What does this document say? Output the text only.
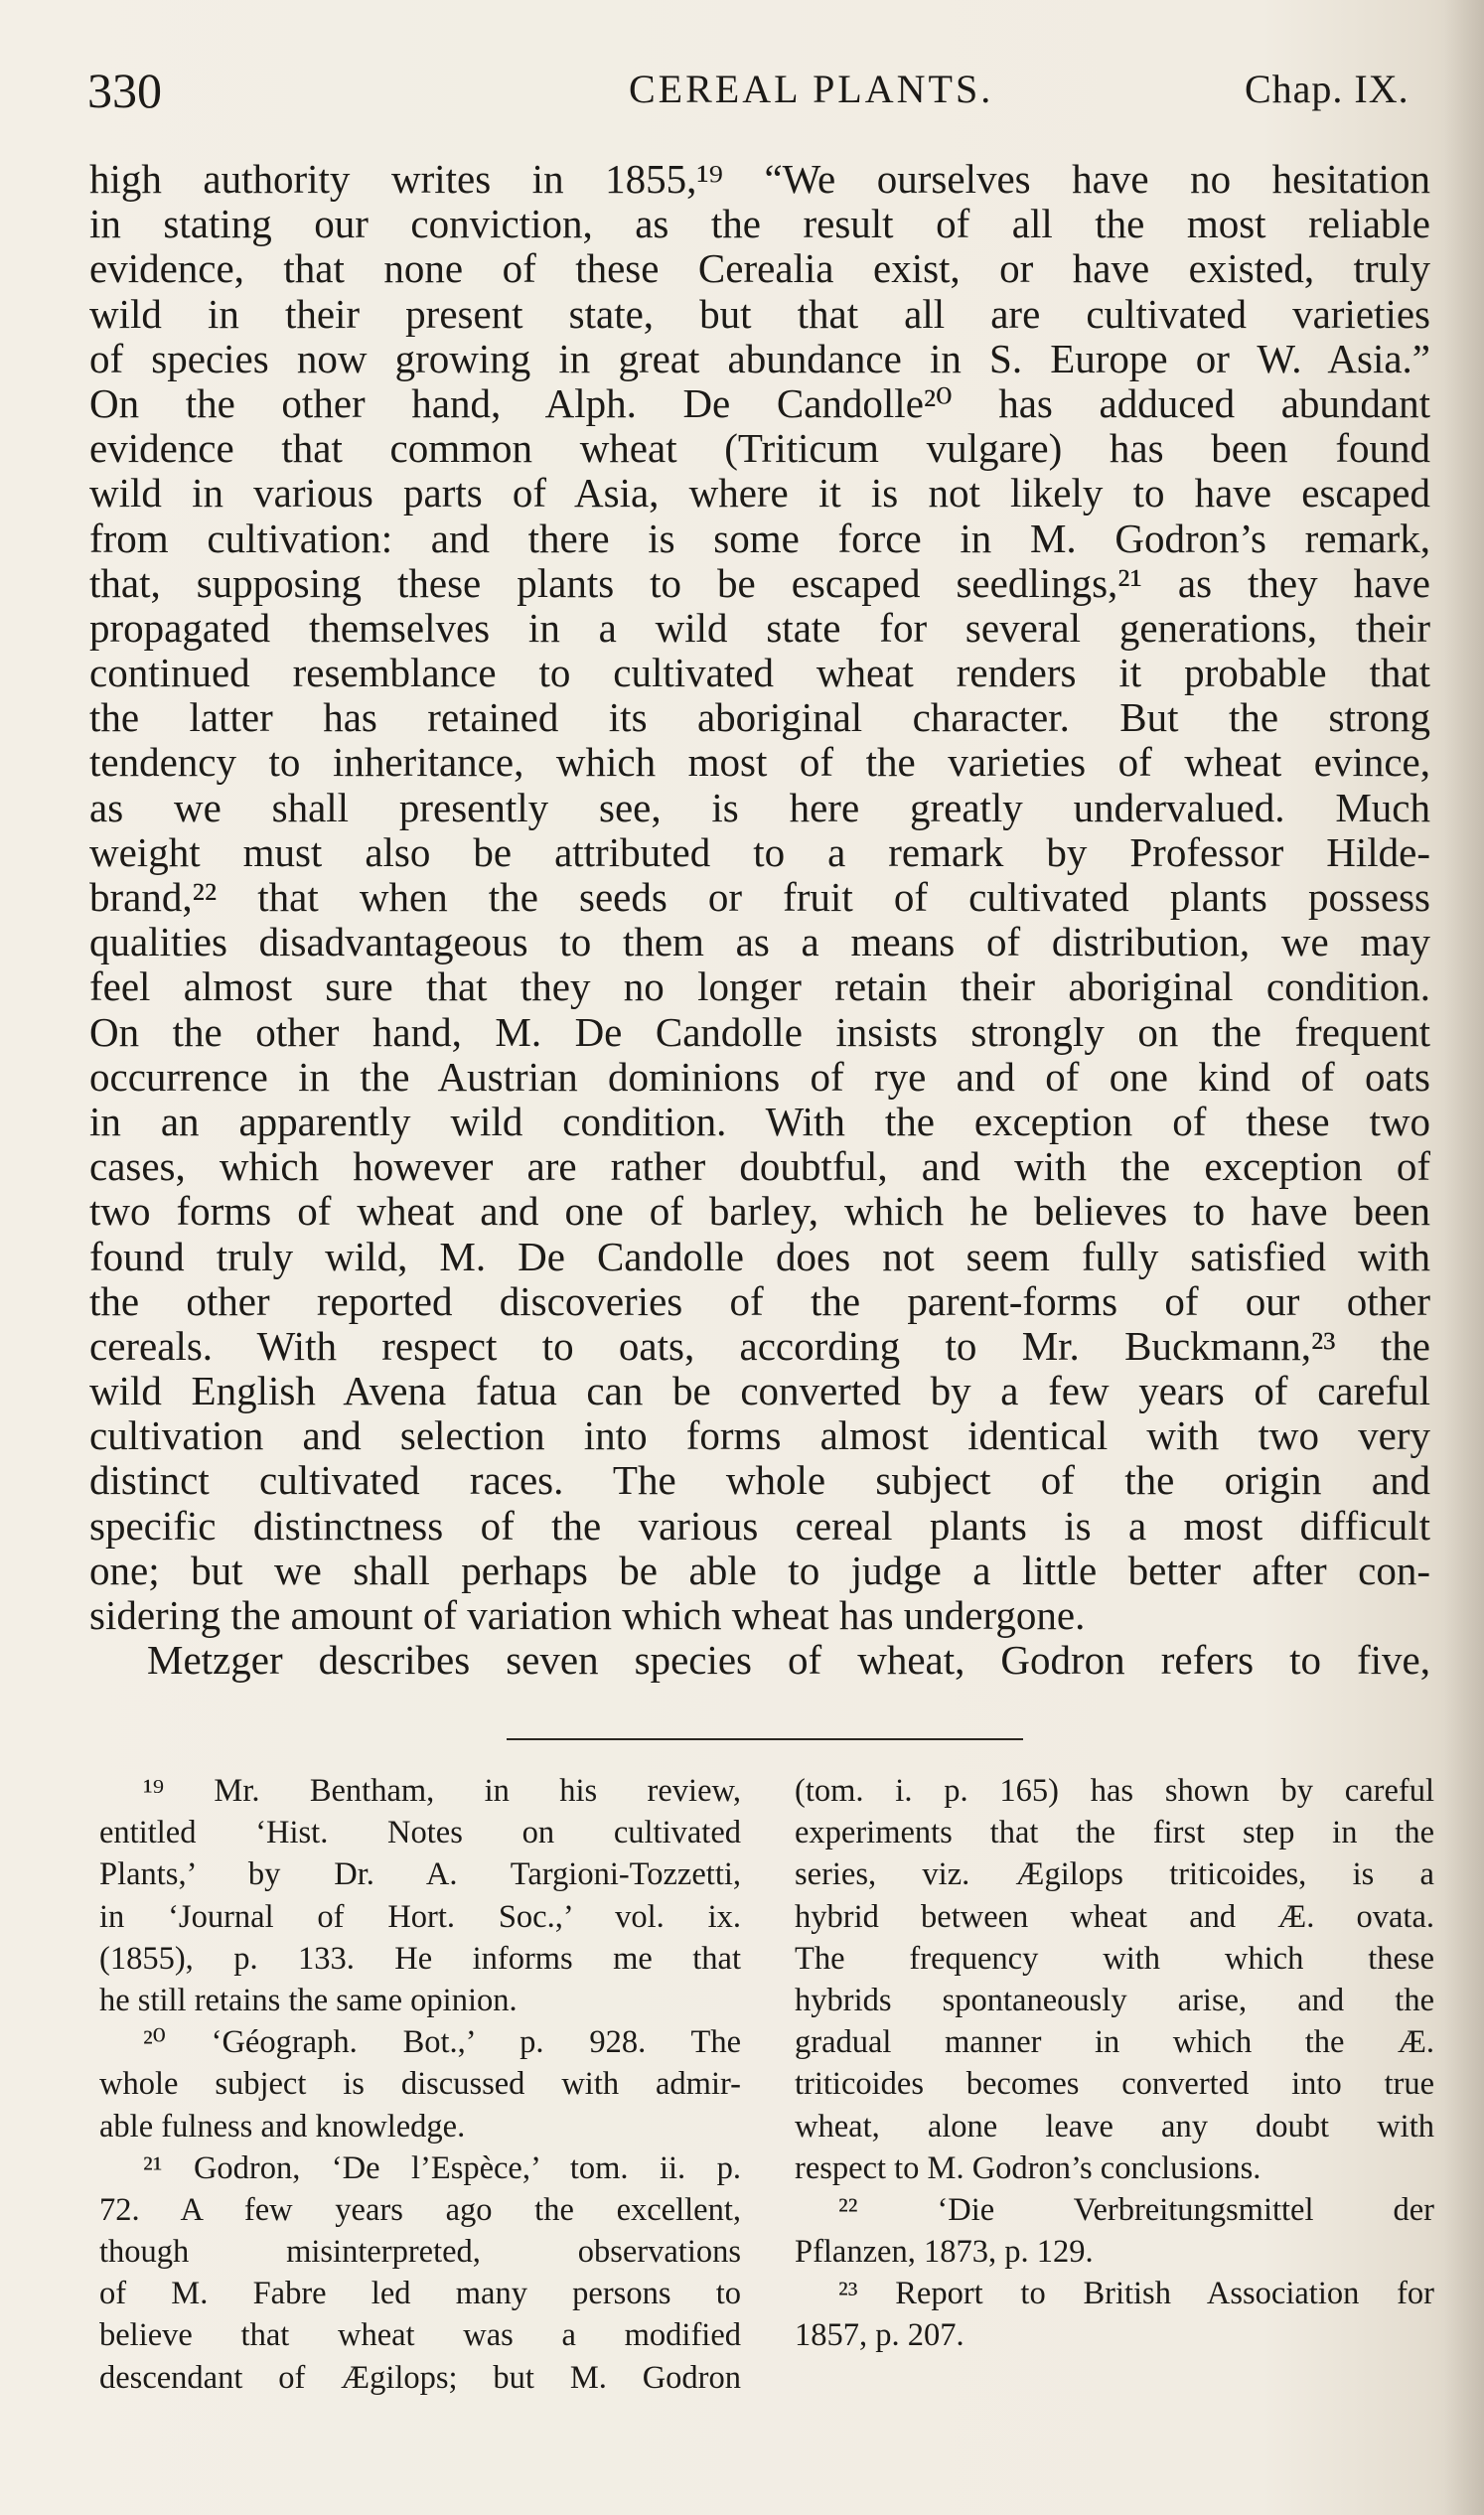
330	CEREAL PLANTS.	Chap. IX.
high authority writes in 1855,¹⁹ “We ourselves have no hesitation
in stating our conviction, as the result of all the most reliable
evidence, that none of these Cerealia exist, or have existed, truly
wild in their present state, but that all are cultivated varieties
of species now growing in great abundance in S. Europe or W. Asia.”
On the other hand, Alph. De Candolle²⁰ has adduced abundant
evidence that common wheat (Triticum vulgare) has been found
wild in various parts of Asia, where it is not likely to have escaped
from cultivation: and there is some force in M. Godron’s remark,
that, supposing these plants to be escaped seedlings,²¹ as they have
propagated themselves in a wild state for several generations, their
continued resemblance to cultivated wheat renders it probable that
the latter has retained its aboriginal character. But the strong
tendency to inheritance, which most of the varieties of wheat evince,
as we shall presently see, is here greatly undervalued. Much
weight must also be attributed to a remark by Professor Hilde-
brand,²² that when the seeds or fruit of cultivated plants possess
qualities disadvantageous to them as a means of distribution, we may
feel almost sure that they no longer retain their aboriginal condition.
On the other hand, M. De Candolle insists strongly on the frequent
occurrence in the Austrian dominions of rye and of one kind of oats
in an apparently wild condition. With the exception of these two
cases, which however are rather doubtful, and with the exception of
two forms of wheat and one of barley, which he believes to have been
found truly wild, M. De Candolle does not seem fully satisfied with
the other reported discoveries of the parent-forms of our other
cereals. With respect to oats, according to Mr. Buckmann,²³ the
wild English Avena fatua can be converted by a few years of careful
cultivation and selection into forms almost identical with two very
distinct cultivated races. The whole subject of the origin and
specific distinctness of the various cereal plants is a most difficult
one; but we shall perhaps be able to judge a little better after con-
sidering the amount of variation which wheat has undergone.
Metzger describes seven species of wheat, Godron refers to five,
¹⁹ Mr. Bentham, in his review,
entitled ‘Hist. Notes on cultivated
Plants,’ by Dr. A. Targioni-Tozzetti,
in ‘Journal of Hort. Soc.,’ vol. ix.
(1855), p. 133. He informs me that
he still retains the same opinion.
²⁰ ‘Géograph. Bot.,’ p. 928. The
whole subject is discussed with admir-
able fulness and knowledge.
²¹ Godron, ‘De l’Espèce,’ tom. ii. p.
72. A few years ago the excellent,
though misinterpreted, observations
of M. Fabre led many persons to
believe that wheat was a modified
descendant of Ægilops; but M. Godron
(tom. i. p. 165) has shown by careful
experiments that the first step in the
series, viz. Ægilops triticoides, is a
hybrid between wheat and Æ. ovata.
The frequency with which these
hybrids spontaneously arise, and the
gradual manner in which the Æ.
triticoides becomes converted into true
wheat, alone leave any doubt with
respect to M. Godron’s conclusions.
²² ‘Die Verbreitungsmittel der
Pflanzen, 1873, p. 129.
²³ Report to British Association for
1857, p. 207.
